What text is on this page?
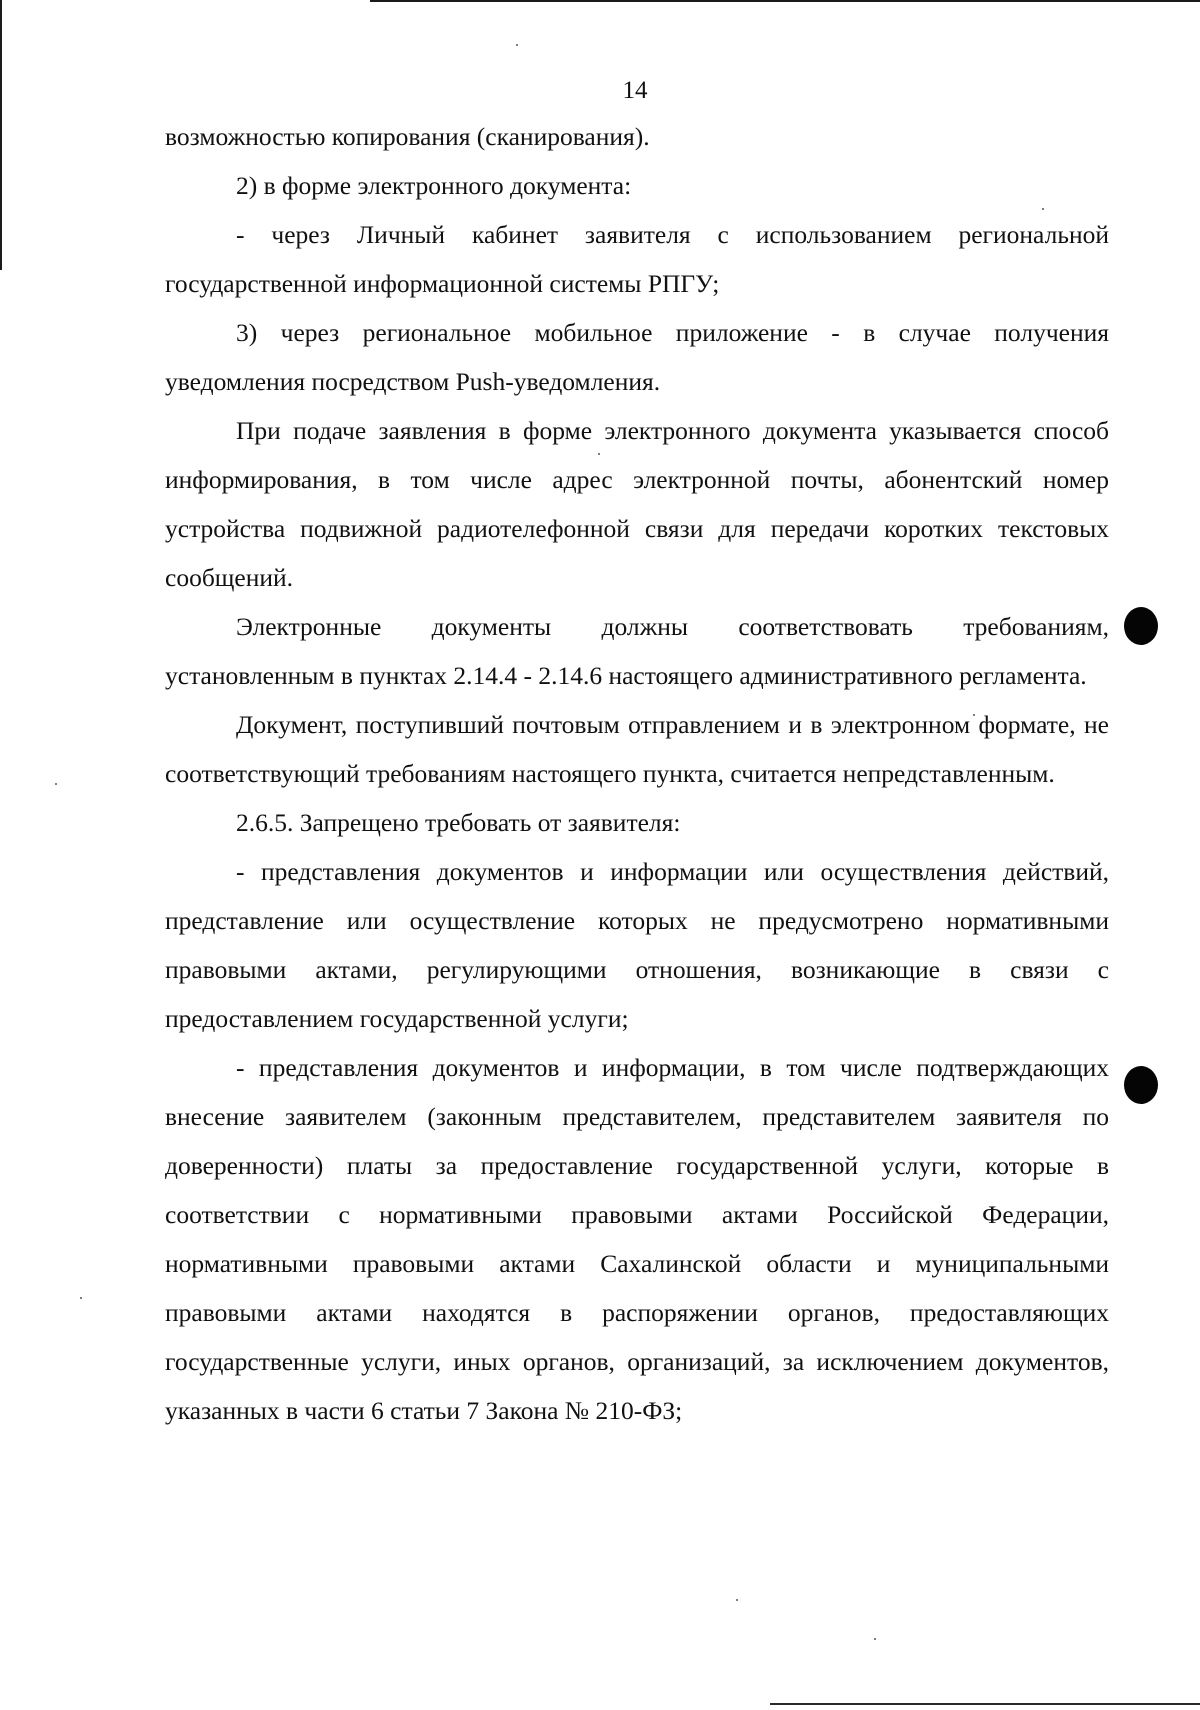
14

возможностью копирования (сканирования).

2) в форме электронного документа:

- через Личный кабинет заявителя с использованием региональной государственной информационной системы РПГУ;

3) через региональное мобильное приложение - в случае получения уведомления посредством Push-уведомления.

При подаче заявления в форме электронного документа указывается способ информирования, в том числе адрес электронной почты, абонентский номер устройства подвижной радиотелефонной связи для передачи коротких текстовых сообщений.

Электронные документы должны соответствовать требованиям, установленным в пунктах 2.14.4 - 2.14.6 настоящего административного регламента.

Документ, поступивший почтовым отправлением и в электронном формате, не соответствующий требованиям настоящего пункта, считается непредставленным.

2.6.5. Запрещено требовать от заявителя:

- представления документов и информации или осуществления действий, представление или осуществление которых не предусмотрено нормативными правовыми актами, регулирующими отношения, возникающие в связи с предоставлением государственной услуги;

- представления документов и информации, в том числе подтверждающих внесение заявителем (законным представителем, представителем заявителя по доверенности) платы за предоставление государственной услуги, которые в соответствии с нормативными правовыми актами Российской Федерации, нормативными правовыми актами Сахалинской области и муниципальными правовыми актами находятся в распоряжении органов, предоставляющих государственные услуги, иных органов, организаций, за исключением документов, указанных в части 6 статьи 7 Закона № 210-ФЗ;
